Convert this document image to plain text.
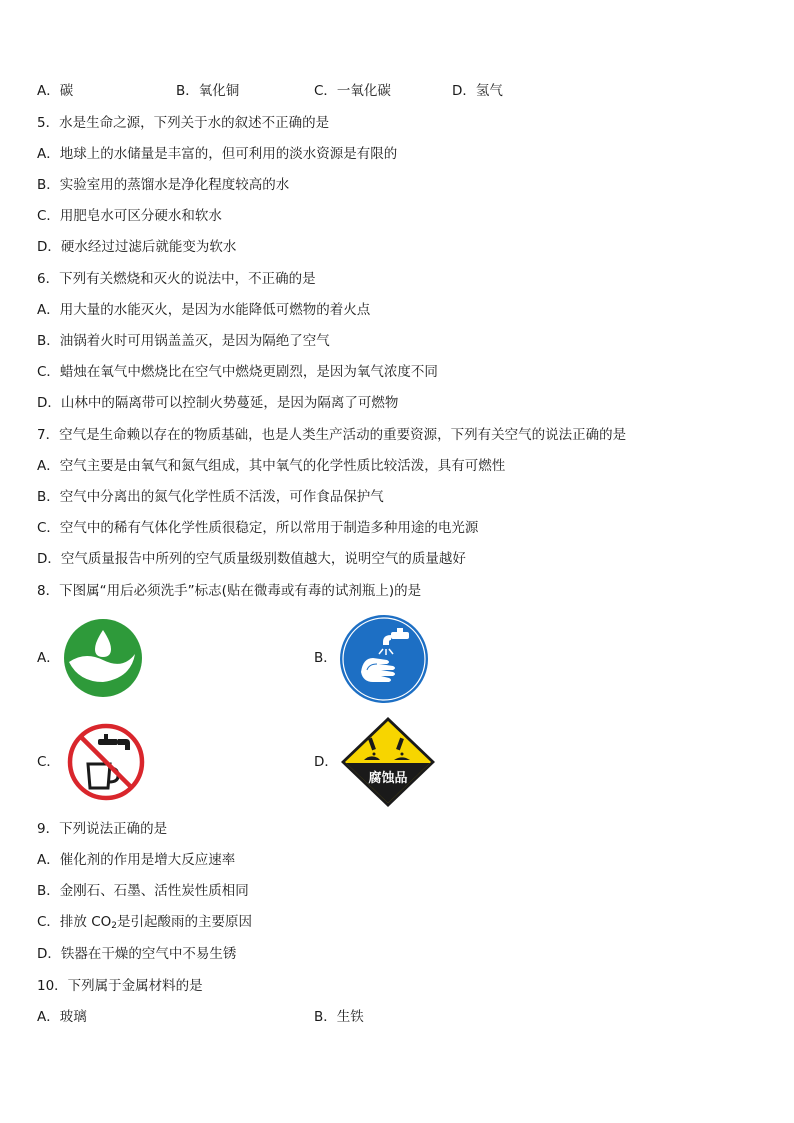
A．碳	B．氧化铜	C．一氧化碳	D．氢气
5．水是生命之源，下列关于水的叙述不正确的是
A．地球上的水储量是丰富的，但可利用的淡水资源是有限的
B．实验室用的蒸馏水是净化程度较高的水
C．用肥皂水可区分硬水和软水
D．硬水经过过滤后就能变为软水
6．下列有关燃烧和灭火的说法中，不正确的是
A．用大量的水能灭火，是因为水能降低可燃物的着火点
B．油锅着火时可用锅盖盖灭，是因为隔绝了空气
C．蜡烛在氧气中燃烧比在空气中燃烧更剧烈，是因为氧气浓度不同
D．山林中的隔离带可以控制火势蔓延，是因为隔离了可燃物
7．空气是生命赖以存在的物质基础，也是人类生产活动的重要资源，下列有关空气的说法正确的是
A．空气主要是由氧气和氮气组成，其中氧气的化学性质比较活泼，具有可燃性
B．空气中分离出的氮气化学性质不活泼，可作食品保护气
C．空气中的稀有气体化学性质很稳定，所以常用于制造多种用途的电光源
D．空气质量报告中所列的空气质量级别数值越大，说明空气的质量越好
8．下图属“用后必须洗手”标志(贴在微毒或有毒的试剂瓶上)的是
A．	B．
C．	D．
腐蚀品
9．下列说法正确的是
A．催化剂的作用是增大反应速率
B．金刚石、石墨、活性炭性质相同
C．排放 $CO_2$是引起酸雨的主要原因
D．铁器在干燥的空气中不易生锈
10．下列属于金属材料的是
A．玻璃	B．生铁
